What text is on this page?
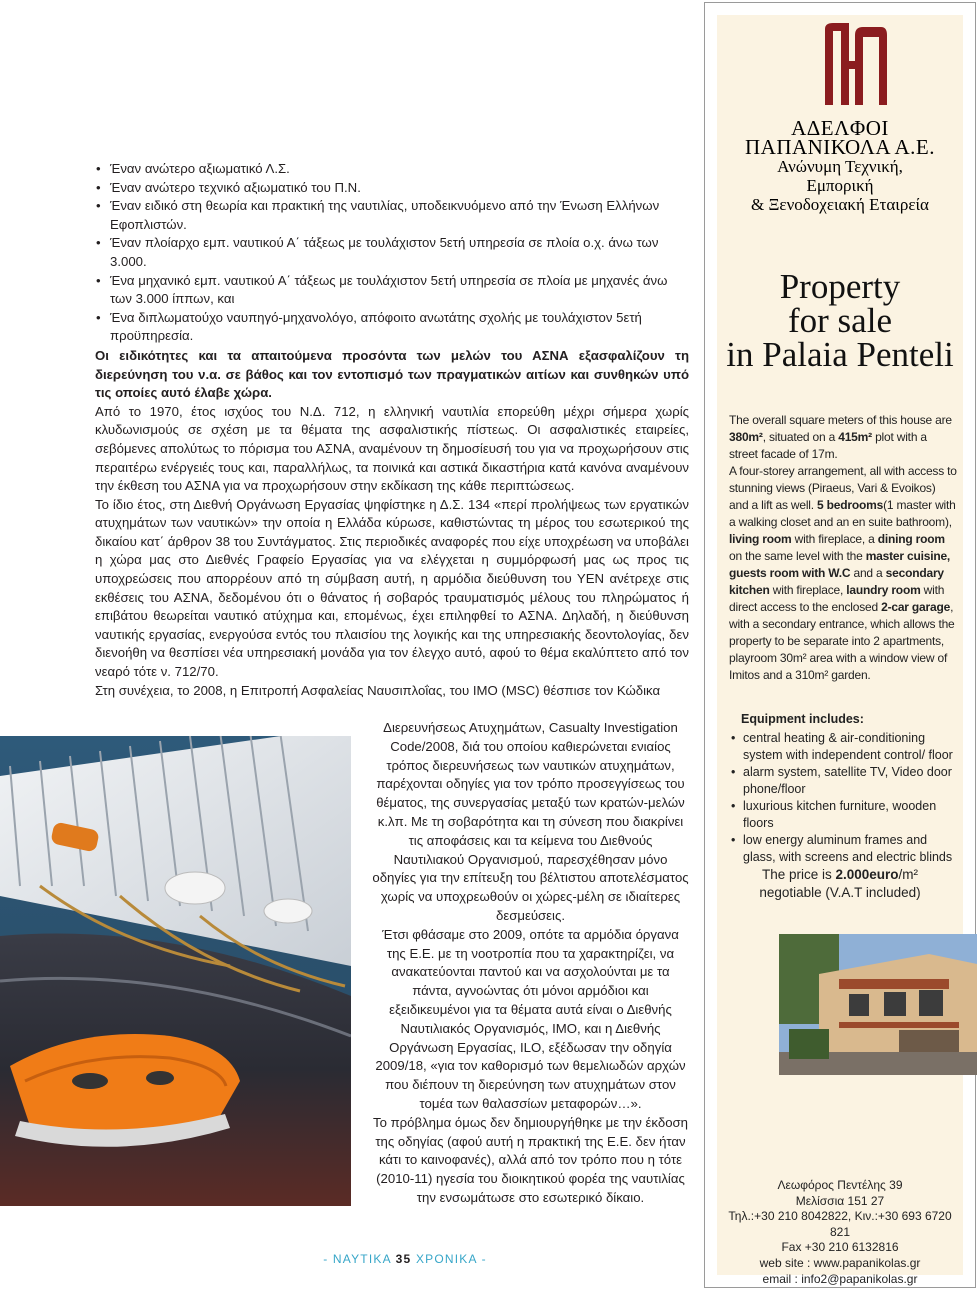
• Έναν ανώτερο αξιωματικό Λ.Σ.
• Έναν ανώτερο τεχνικό αξιωματικό του Π.Ν.
• Έναν ειδικό στη θεωρία και πρακτική της ναυτιλίας, υποδεικνυόμενο από την Ένωση Ελλήνων Εφοπλιστών.
• Έναν πλοίαρχο εμπ. ναυτικού Α΄ τάξεως με τουλάχιστον 5ετή υπηρεσία σε πλοία ο.χ. άνω των 3.000.
• Ένα μηχανικό εμπ. ναυτικού Α΄ τάξεως με τουλάχιστον 5ετή υπηρεσία σε πλοία με μηχανές άνω των 3.000 ίππων, και
• Ένα διπλωματούχο ναυπηγό-μηχανολόγο, απόφοιτο ανωτάτης σχολής με τουλάχιστον 5ετή προϋπηρεσία.

Οι ειδικότητες και τα απαιτούμενα προσόντα των μελών του ΑΣΝΑ εξασφαλίζουν τη διερεύνηση του ν.α. σε βάθος και τον εντοπισμό των πραγματικών αιτίων και συνθηκών υπό τις οποίες αυτό έλαβε χώρα.

Από το 1970, έτος ισχύος του Ν.Δ. 712, η ελληνική ναυτιλία επορεύθη μέχρι σήμερα χωρίς κλυδωνισμούς σε σχέση με τα θέματα της ασφαλιστικής πίστεως. Οι ασφαλιστικές εταιρείες, σεβόμενες απολύτως το πόρισμα του ΑΣΝΑ, αναμένουν τη δημοσίευσή του για να προχωρήσουν στις περαιτέρω ενέργειές τους και, παραλλήλως, τα ποινικά και αστικά δικαστήρια κατά κανόνα αναμένουν την έκθεση του ΑΣΝΑ για να προχωρήσουν στην εκδίκαση της κάθε περιπτώσεως.

Το ίδιο έτος, στη Διεθνή Οργάνωση Εργασίας ψηφίστηκε η Δ.Σ. 134 «περί προλήψεως των εργατικών ατυχημάτων των ναυτικών» την οποία η Ελλάδα κύρωσε, καθιστώντας τη μέρος του εσωτερικού της δικαίου κατ΄ άρθρον 38 του Συντάγματος. Στις περιοδικές αναφορές που είχε υποχρέωση να υποβάλει η χώρα μας στο Διεθνές Γραφείο Εργασίας για να ελέγχεται η συμμόρφωσή μας ως προς τις υποχρεώσεις που απορρέουν από τη σύμβαση αυτή, η αρμόδια διεύθυνση του ΥΕΝ ανέτρεχε στις εκθέσεις του ΑΣΝΑ, δεδομένου ότι ο θάνατος ή σοβαρός τραυματισμός μέλους του πληρώματος ή επιβάτου θεωρείται ναυτικό ατύχημα και, επομένως, έχει επιληφθεί το ΑΣΝΑ. Δηλαδή, η διεύθυνση ναυτικής εργασίας, ενεργούσα εντός του πλαισίου της λογικής και της υπηρεσιακής δεοντολογίας, δεν διενοήθη να θεσπίσει νέα υπηρεσιακή μονάδα για τον έλεγχο αυτό, αφού το θέμα εκαλύπτετο από τον νεαρό τότε ν. 712/70.

Στη συνέχεια, το 2008, η Επιτροπή Ασφαλείας Ναυσιπλοΐας, του ΙΜΟ (MSC) θέσπισε τον Κώδικα

Διερευνήσεως Ατυχημάτων, Casualty Investigation Code/2008, διά του οποίου καθιερώνεται ενιαίος τρόπος διερευνήσεως των ναυτικών ατυχημάτων, παρέχονται οδηγίες για τον τρόπο προσεγγίσεως του θέματος, της συνεργασίας μεταξύ των κρατών-μελών κ.λπ. Με τη σοβαρότητα και τη σύνεση που διακρίνει τις αποφάσεις και τα κείμενα του Διεθνούς Ναυτιλιακού Οργανισμού, παρεσχέθησαν μόνο οδηγίες για την επίτευξη του βέλτιστου αποτελέσματος χωρίς να υποχρεωθούν οι χώρες-μέλη σε ιδιαίτερες δεσμεύσεις.

Έτσι φθάσαμε στο 2009, οπότε τα αρμόδια όργανα της Ε.Ε. με τη νοοτροπία που τα χαρακτηρίζει, να ανακατεύονται παντού και να ασχολούνται με τα πάντα, αγνοώντας ότι μόνοι αρμόδιοι και εξειδικευμένοι για τα θέματα αυτά είναι ο Διεθνής Ναυτιλιακός Οργανισμός, ΙΜΟ, και η Διεθνής Οργάνωση Εργασίας, ILO, εξέδωσαν την οδηγία 2009/18, «για τον καθορισμό των θεμελιωδών αρχών που διέπουν τη διερεύνηση των ατυχημάτων στον τομέα των θαλασσίων μεταφορών…».

Το πρόβλημα όμως δεν δημιουργήθηκε με την έκδοση της οδηγίας (αφού αυτή η πρακτική της Ε.Ε. δεν ήταν κάτι το καινοφανές), αλλά από τον τρόπο που η τότε (2010-11) ηγεσία του διοικητικού φορέα της ναυτιλίας την ενσωμάτωσε στο εσωτερικό δίκαιο.

- ΝΑΥΤΙΚΑ 35 ΧΡΟΝΙΚΑ -
ΑΔΕΛΦΟΙ
ΠΑΠΑΝΙΚΟΛΑ Α.Ε.
Ανώνυμη Τεχνική,
Εμπορική
& Ξενοδοχειακή Εταιρεία
Property
for sale
in Palaia Penteli

The overall square meters of this house are 380m², situated on a 415m² plot with a street facade of 17m.

A four-storey arrangement, all with access to stunning views (Piraeus, Vari & Evoikos) and a lift as well. 5 bedrooms(1 master with a walking closet and an en suite bathroom), living room with fireplace, a dining room on the same level with the master cuisine, guests room with W.C and a secondary kitchen with fireplace, laundry room with direct access to the enclosed 2-car garage, with a secondary entrance, which allows the property to be separate into 2 apartments, playroom 30m² area with a window view of Imitos and a 310m² garden.

Equipment includes:
• central heating & air-conditioning system with independent control/ floor
• alarm system, satellite TV, Video door phone/floor
• luxurious kitchen furniture, wooden floors
• low energy aluminum frames and glass, with screens and electric blinds
The price is 2.000euro/m²
negotiable (V.A.T included)
Λεωφόρος Πεντέλης 39
Μελίσσια 151 27
Τηλ.:+30 210 8042822, Κιν.:+30 693 6720 821
Fax +30 210 6132816
web site : www.papanikolas.gr
email : info2@papanikolas.gr
